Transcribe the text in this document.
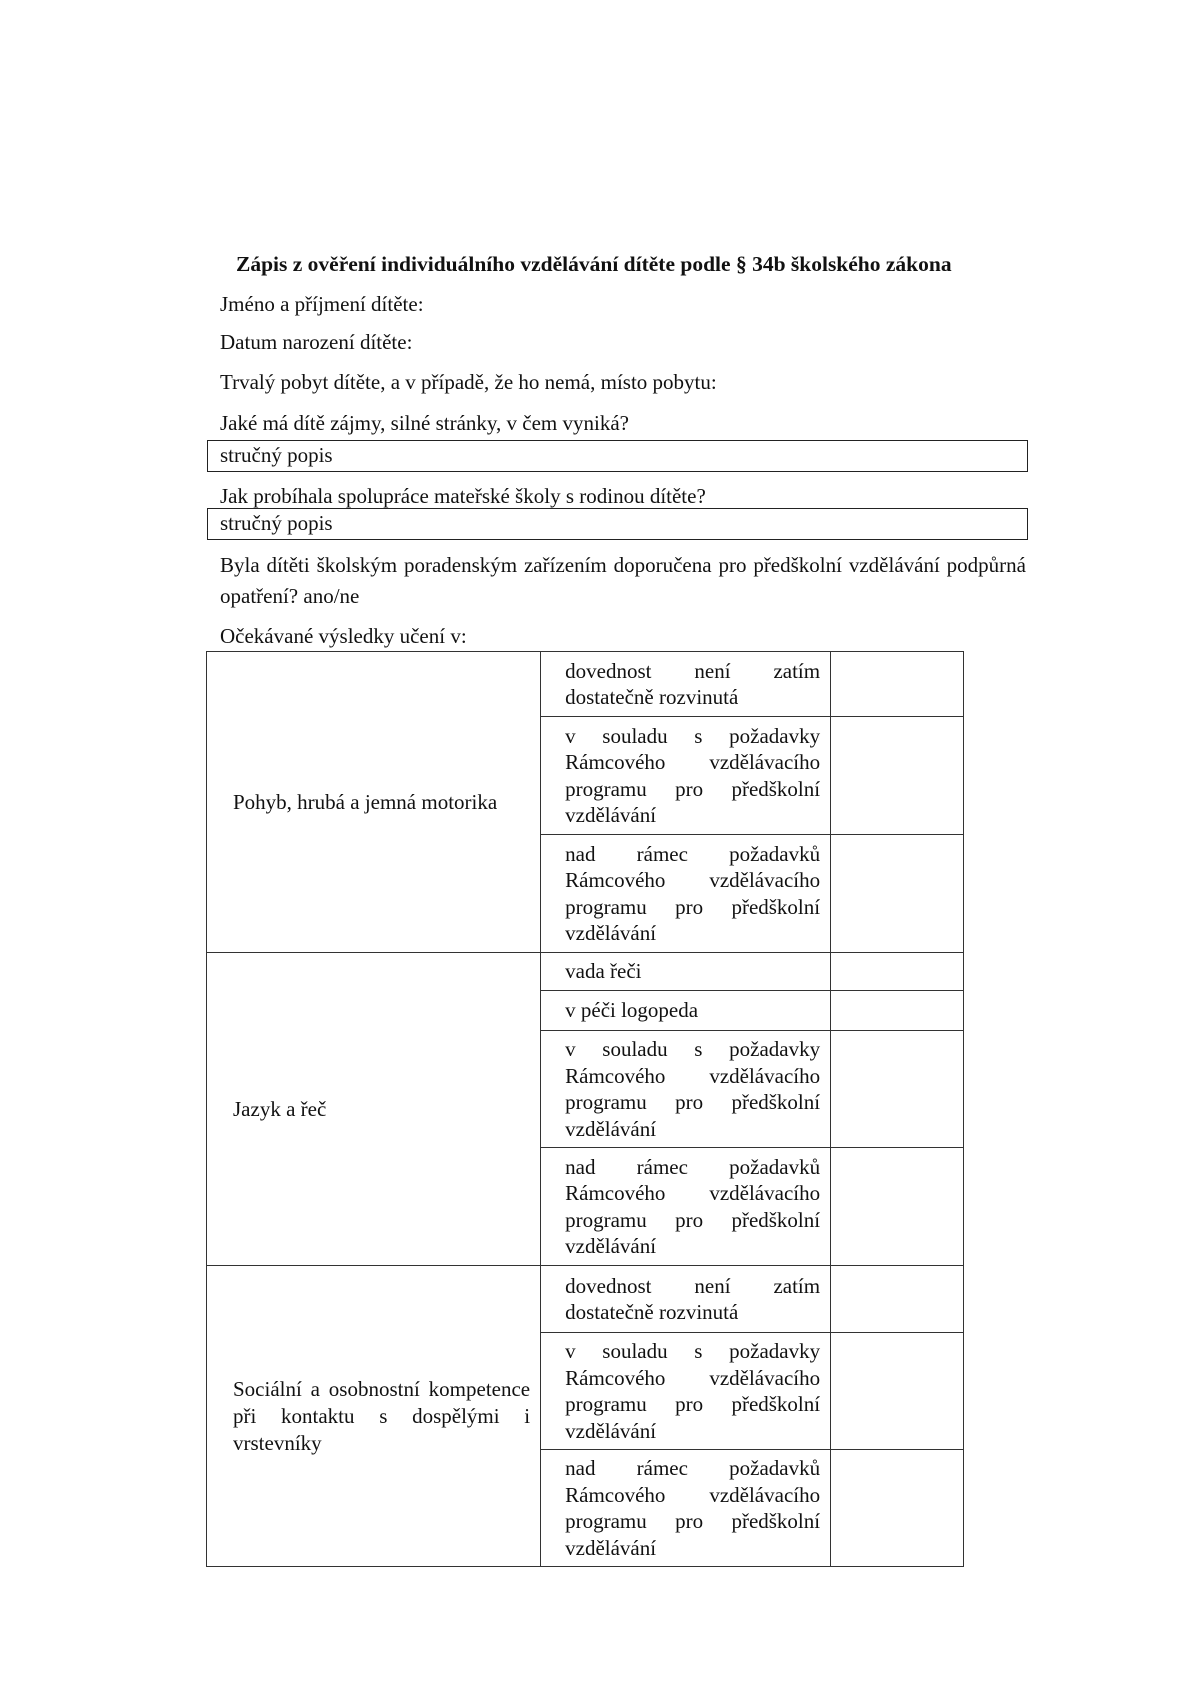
Zápis z ověření individuálního vzdělávání dítěte podle § 34b školského zákona
Jméno a příjmení dítěte:
Datum narození dítěte:
Trvalý pobyt dítěte, a v případě, že ho nemá, místo pobytu:
Jaké má dítě zájmy, silné stránky, v čem vyniká?
stručný popis
Jak probíhala spolupráce mateřské školy s rodinou dítěte?
stručný popis
Byla dítěti školským poradenským zařízením doporučena pro předškolní vzdělávání podpůrná opatření? ano/ne
Očekávané výsledky učení v:
Pohyb, hrubá a jemná motorika	dovednost není zatím dostatečně rozvinutá	

	v souladu s požadavky Rámcového vzdělávacího programu pro předškolní vzdělávání	

	nad rámec požadavků Rámcového vzdělávacího programu pro předškolní vzdělávání	

Jazyk a řeč	vada řeči	

	v péči logopeda	

	v souladu s požadavky Rámcového vzdělávacího programu pro předškolní vzdělávání	

	nad rámec požadavků Rámcového vzdělávacího programu pro předškolní vzdělávání	

Sociální a osobnostní kompetence při kontaktu s dospělými i vrstevníky	dovednost není zatím dostatečně rozvinutá	

	v souladu s požadavky Rámcového vzdělávacího programu pro předškolní vzdělávání	

	nad rámec požadavků Rámcového vzdělávacího programu pro předškolní vzdělávání	
